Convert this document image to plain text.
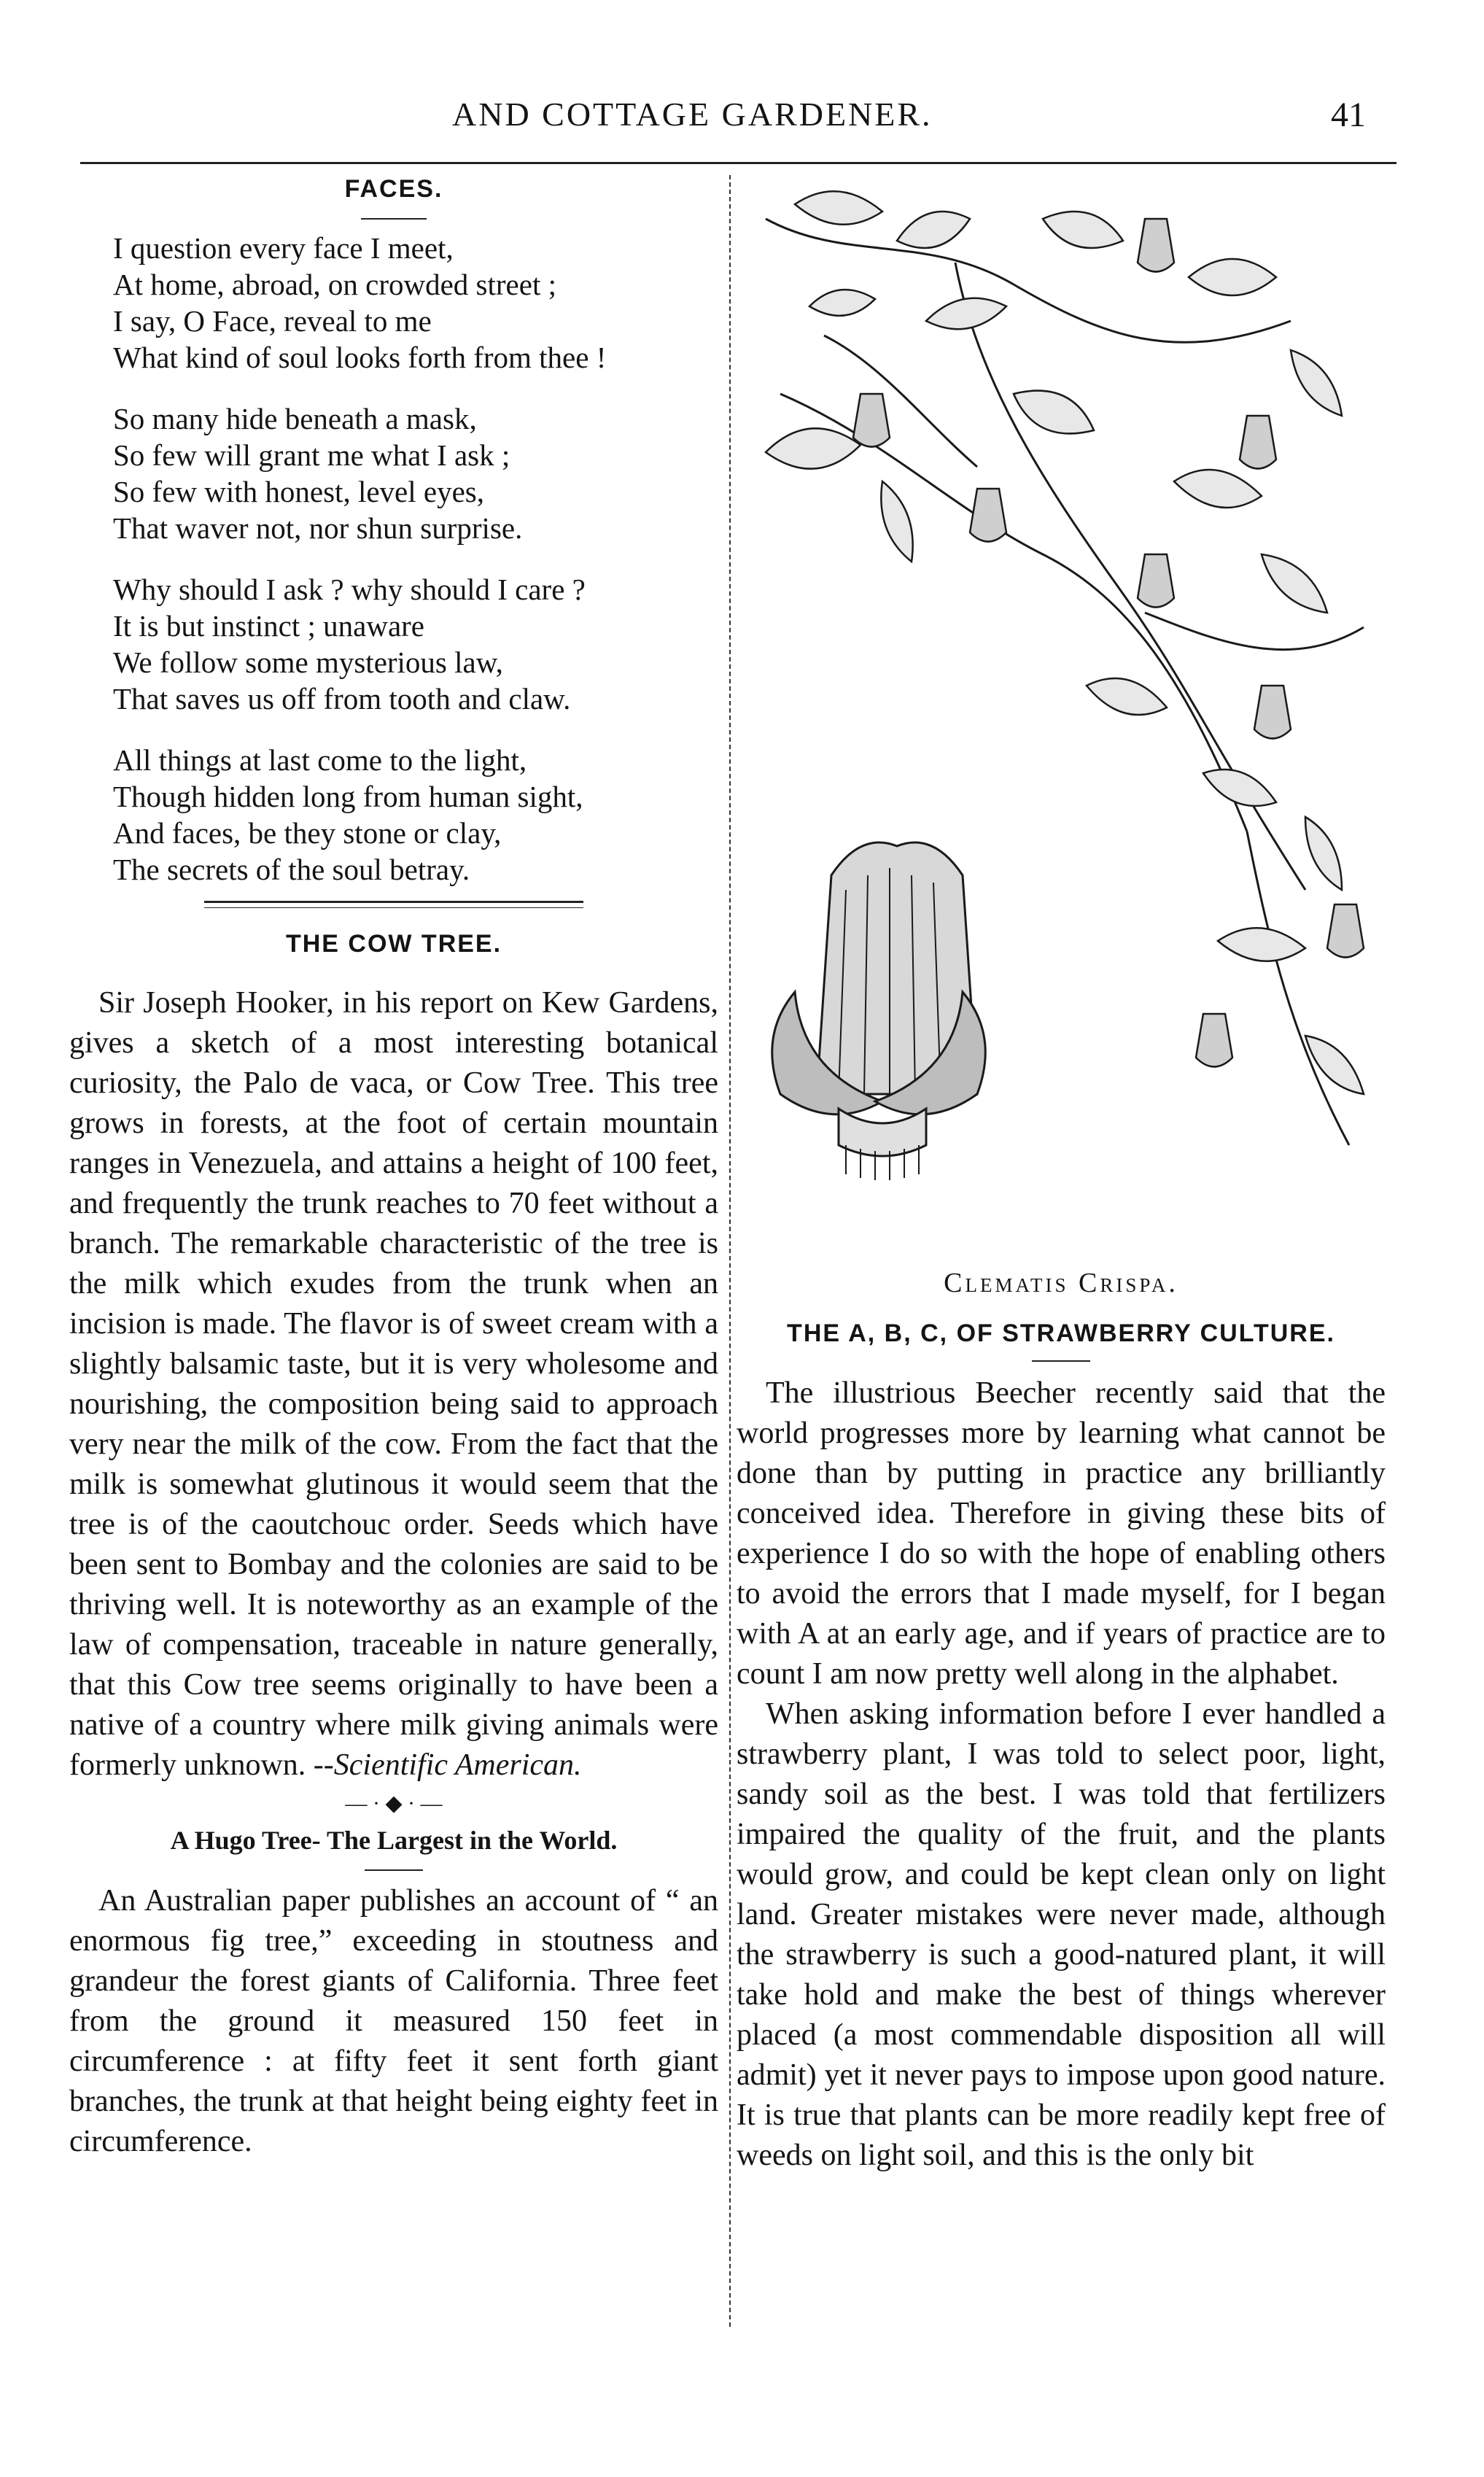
AND COTTAGE GARDENER.	41
FACES.
I question every face I meet,
At home, abroad, on crowded street ;
I say, O Face, reveal to me
What kind of soul looks forth from thee !
So many hide beneath a mask,
So few will grant me what I ask ;
So few with honest, level eyes,
That waver not, nor shun surprise.
Why should I ask ? why should I care ?
It is but instinct ; unaware
We follow some mysterious law,
That saves us off from tooth and claw.
All things at last come to the light,
Though hidden long from human sight,
And faces, be they stone or clay,
The secrets of the soul betray.
THE COW TREE.

Sir Joseph Hooker, in his report on Kew Gardens, gives a sketch of a most interesting botanical curiosity, the Palo de vaca, or Cow Tree. This tree grows in forests, at the foot of certain mountain ranges in Venezuela, and attains a height of 100 feet, and frequently the trunk reaches to 70 feet without a branch. The remarkable characteristic of the tree is the milk which exudes from the trunk when an incision is made. The flavor is of sweet cream with a slightly balsamic taste, but it is very wholesome and nourishing, the composition being said to approach very near the milk of the cow. From the fact that the milk is somewhat glutinous it would seem that the tree is of the caoutchouc order. Seeds which have been sent to Bombay and the colonies are said to be thriving well. It is noteworthy as an example of the law of compensation, traceable in nature generally, that this Cow tree seems originally to have been a native of a country where milk giving animals were formerly unknown. --Scientific American.

— · ◆ · —
A Hugo Tree- The Largest in the World.

An Australian paper publishes an account of “ an enormous fig tree,” exceeding in stoutness and grandeur the forest giants of California. Three feet from the ground it measured 150 feet in circumference : at fifty feet it sent forth giant branches, the trunk at that height being eighty feet in circumference.

Clematis Crispa.
THE A, B, C, OF STRAWBERRY CULTURE.

The illustrious Beecher recently said that the world progresses more by learning what cannot be done than by putting in practice any brilliantly conceived idea. Therefore in giving these bits of experience I do so with the hope of enabling others to avoid the errors that I made myself, for I began with A at an early age, and if years of practice are to count I am now pretty well along in the alphabet.

When asking information before I ever handled a strawberry plant, I was told to select poor, light, sandy soil as the best. I was told that fertilizers impaired the quality of the fruit, and the plants would grow, and could be kept clean only on light land. Greater mistakes were never made, although the strawberry is such a good-natured plant, it will take hold and make the best of things wherever placed (a most commendable disposition all will admit) yet it never pays to impose upon good nature. It is true that plants can be more readily kept free of weeds on light soil, and this is the only bit
